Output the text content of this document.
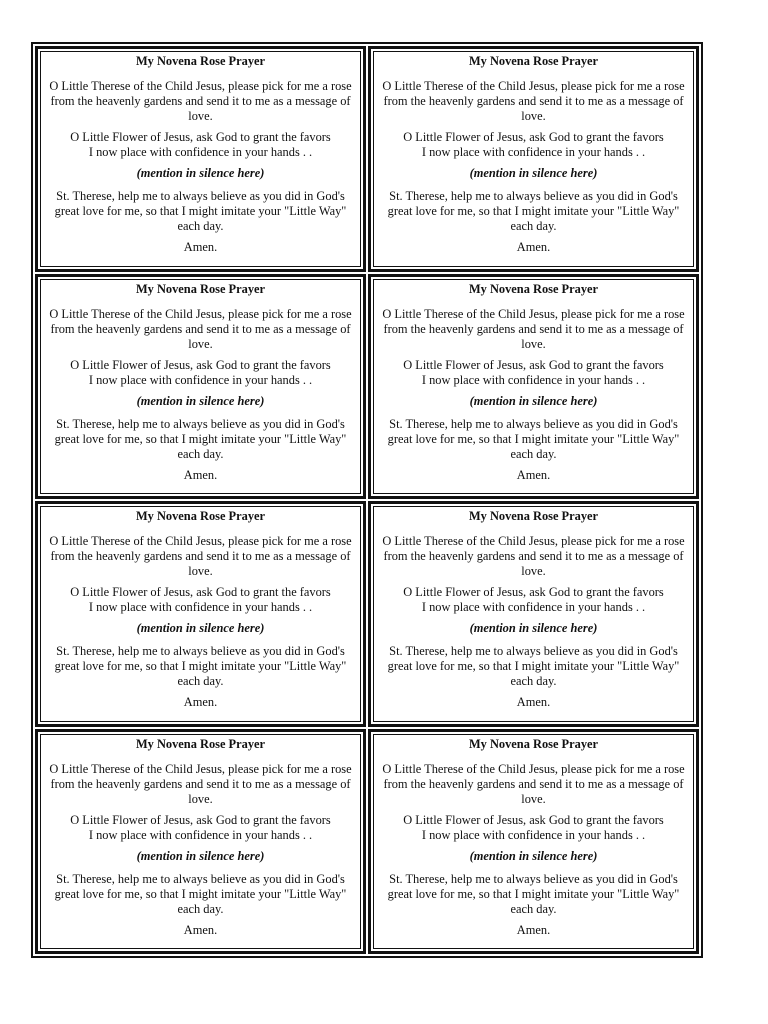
My Novena Rose Prayer

O Little Therese of the Child Jesus, please pick for me a rose
from the heavenly gardens and send it to me as a message of love.

O Little Flower of Jesus, ask God to grant the favors
I now place with confidence in your hands . .

(mention in silence here)

St. Therese, help me to always believe as you did in God's great love for me, so that I might imitate your "Little Way" each day.

Amen.
My Novena Rose Prayer

O Little Therese of the Child Jesus, please pick for me a rose
from the heavenly gardens and send it to me as a message of love.

O Little Flower of Jesus, ask God to grant the favors
I now place with confidence in your hands . .

(mention in silence here)

St. Therese, help me to always believe as you did in God's great love for me, so that I might imitate your "Little Way" each day.

Amen.
My Novena Rose Prayer

O Little Therese of the Child Jesus, please pick for me a rose
from the heavenly gardens and send it to me as a message of love.

O Little Flower of Jesus, ask God to grant the favors
I now place with confidence in your hands . .

(mention in silence here)

St. Therese, help me to always believe as you did in God's great love for me, so that I might imitate your "Little Way" each day.

Amen.
My Novena Rose Prayer

O Little Therese of the Child Jesus, please pick for me a rose
from the heavenly gardens and send it to me as a message of love.

O Little Flower of Jesus, ask God to grant the favors
I now place with confidence in your hands . .

(mention in silence here)

St. Therese, help me to always believe as you did in God's great love for me, so that I might imitate your "Little Way" each day.

Amen.
My Novena Rose Prayer

O Little Therese of the Child Jesus, please pick for me a rose
from the heavenly gardens and send it to me as a message of love.

O Little Flower of Jesus, ask God to grant the favors
I now place with confidence in your hands . .

(mention in silence here)

St. Therese, help me to always believe as you did in God's great love for me, so that I might imitate your "Little Way" each day.

Amen.
My Novena Rose Prayer

O Little Therese of the Child Jesus, please pick for me a rose
from the heavenly gardens and send it to me as a message of love.

O Little Flower of Jesus, ask God to grant the favors
I now place with confidence in your hands . .

(mention in silence here)

St. Therese, help me to always believe as you did in God's great love for me, so that I might imitate your "Little Way" each day.

Amen.
My Novena Rose Prayer

O Little Therese of the Child Jesus, please pick for me a rose
from the heavenly gardens and send it to me as a message of love.

O Little Flower of Jesus, ask God to grant the favors
I now place with confidence in your hands . .

(mention in silence here)

St. Therese, help me to always believe as you did in God's great love for me, so that I might imitate your "Little Way" each day.

Amen.
My Novena Rose Prayer

O Little Therese of the Child Jesus, please pick for me a rose
from the heavenly gardens and send it to me as a message of love.

O Little Flower of Jesus, ask God to grant the favors
I now place with confidence in your hands . .

(mention in silence here)

St. Therese, help me to always believe as you did in God's great love for me, so that I might imitate your "Little Way" each day.

Amen.
